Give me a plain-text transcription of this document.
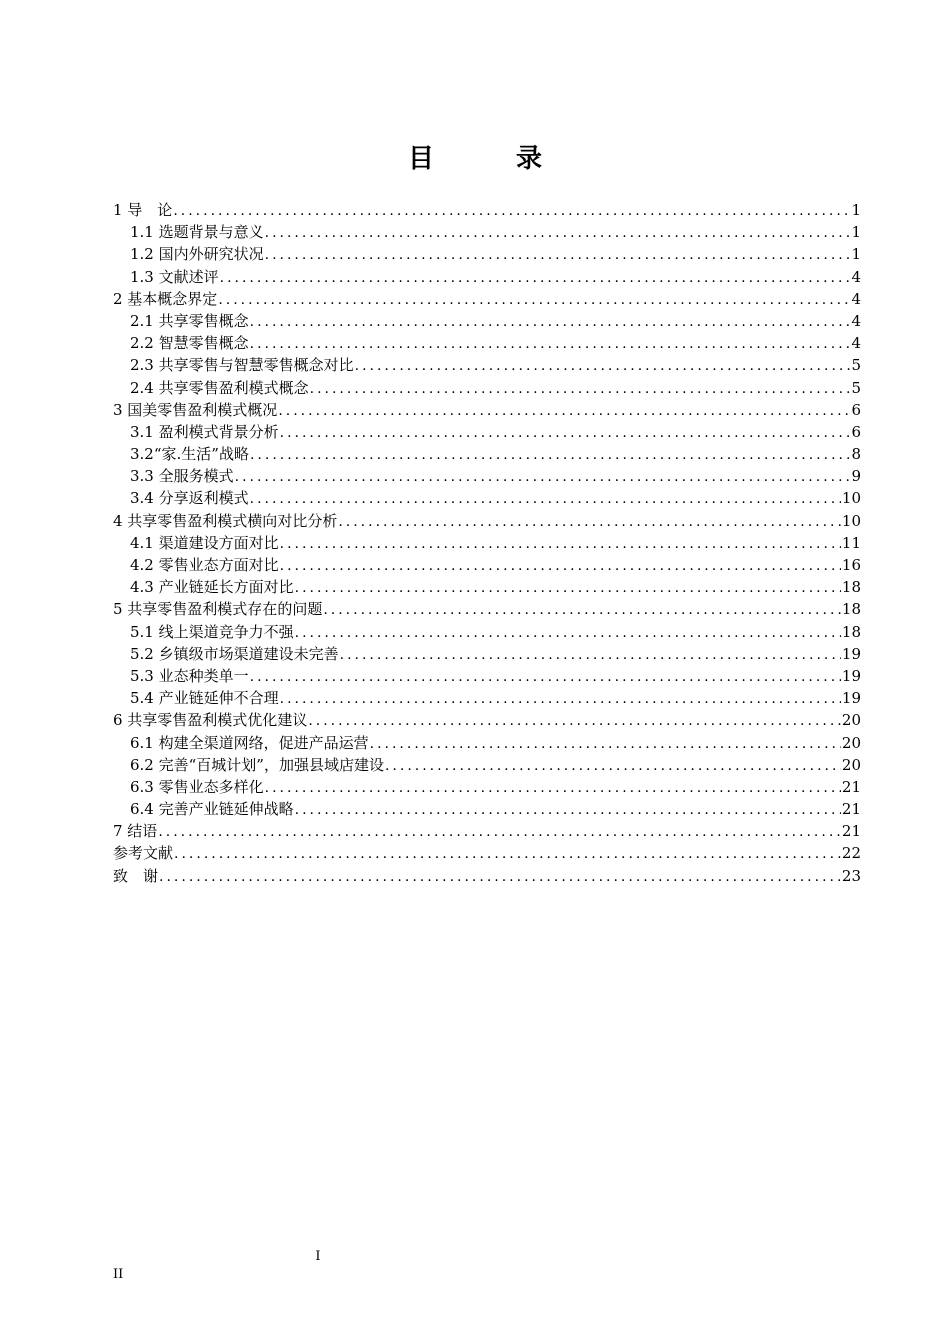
目　录
1 导　论 .....	1
1.1 选题背景与意义 .....	1
1.2 国内外研究状况 .....	1
1.3 文献述评 .....	4
2 基本概念界定 .....	4
2.1 共享零售概念 .....	4
2.2 智慧零售概念 .....	4
2.3 共享零售与智慧零售概念对比 .....	5
2.4 共享零售盈利模式概念 .....	5
3 国美零售盈利模式概况 .....	6
3.1 盈利模式背景分析 .....	6
3.2“家.生活”战略 .....	8
3.3 全服务模式 .....	9
3.4 分享返利模式 .....	10
4 共享零售盈利模式横向对比分析 .....	10
4.1 渠道建设方面对比 .....	11
4.2 零售业态方面对比 .....	16
4.3 产业链延长方面对比 .....	18
5 共享零售盈利模式存在的问题 .....	18
5.1 线上渠道竞争力不强 .....	18
5.2 乡镇级市场渠道建设未完善 .....	19
5.3 业态种类单一 .....	19
5.4 产业链延伸不合理 .....	19
6 共享零售盈利模式优化建议 .....	20
6.1 构建全渠道网络，促进产品运营 .....	20
6.2 完善“百城计划”，加强县域店建设 .....	20
6.3 零售业态多样化 .....	21
6.4 完善产业链延伸战略 .....	21
7 结语 .....	21
参考文献 .....	22
致　谢 .....	23
I
II
